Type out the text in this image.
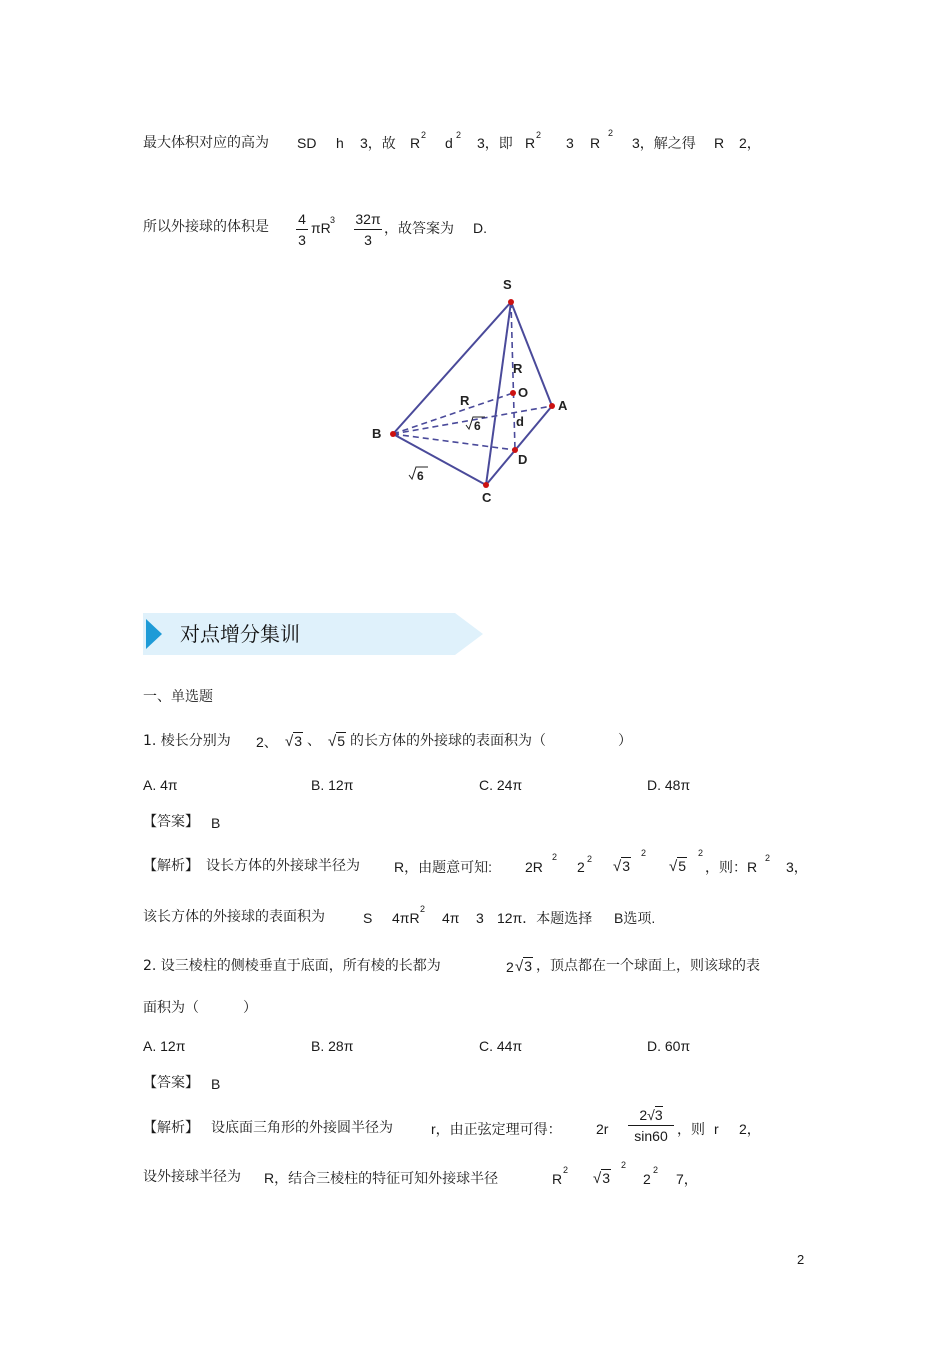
最大体积对应的高为 SD h 3，故 R 2 d 2 3，即 R 2 3 R
2
3，解之得 R 2，
所以外接球的体积是 4
3
πR 3 32π
3
，故答案为 D.
S
A
B
C
D
O
R
R
d
6
6
对点增分集训
一、单选题
1. 棱长分别为 2、 √3 、 √5 的长方体的外接球的表面积为（	）
A. 4π	B. 12π	C. 24π	D. 48π
【答案】 B
【解析】 设长方体的外接球半径为 R，由题意可知: 2R
2
2 2 √3
2
√5
2
，则：R
2
3，
该长方体的外接球的表面积为	S 4πR
2
4π 3 12π．本题选择 B选项.
2. 设三棱柱的侧棱垂直于底面，所有棱的长都为	2 √3 ，顶点都在一个球面上，则该球的表
面积为（	）
A. 12π	B. 28π	C. 44π	D. 60π
【答案】 B
【解析】 设底面三角形的外接圆半径为	r，由正弦定理可得： 2r
2√3
sin60 ，则 r 2，
设外接球半径为 R，结合三棱柱的特征可知外接球半径	R
2 √3
2
2
2
7，
2
